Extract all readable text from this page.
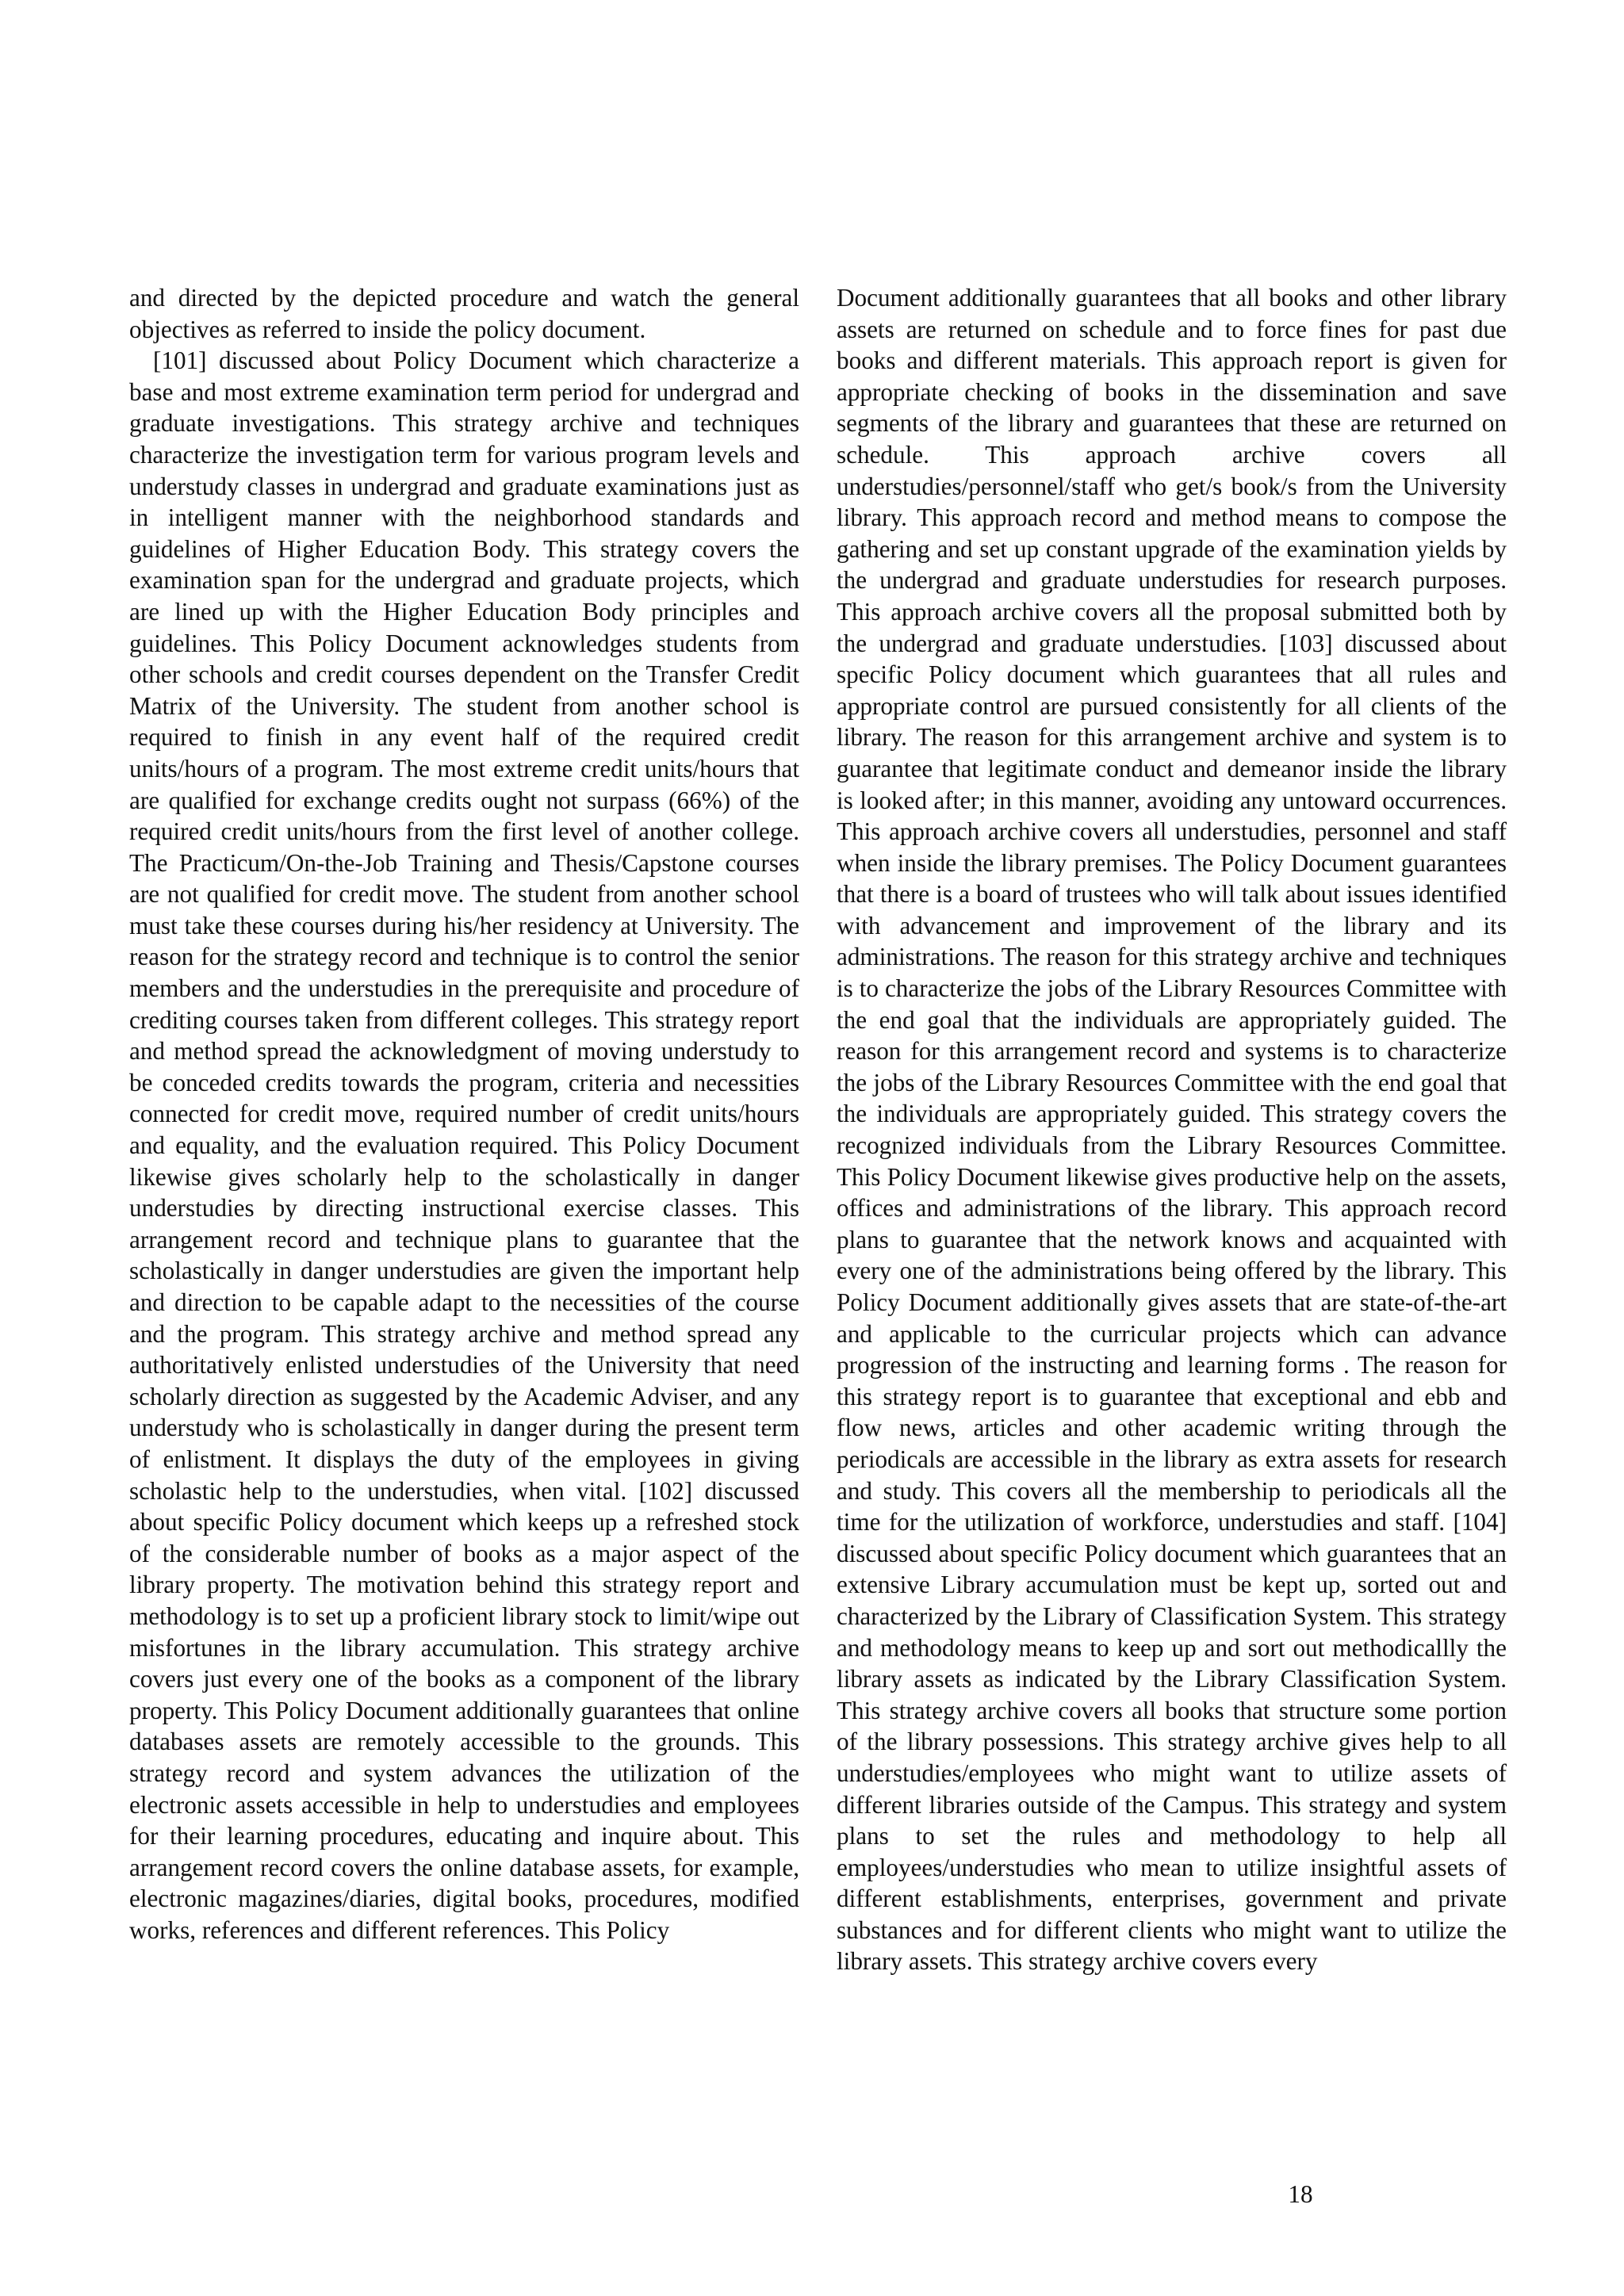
and directed by the depicted procedure and watch the general objectives as referred to inside the policy document.

[101] discussed about Policy Document which characterize a base and most extreme examination term period for undergrad and graduate investigations. This strategy archive and techniques characterize the investigation term for various program levels and understudy classes in undergrad and graduate examinations just as in intelligent manner with the neighborhood standards and guidelines of Higher Education Body. This strategy covers the examination span for the undergrad and graduate projects, which are lined up with the Higher Education Body principles and guidelines. This Policy Document acknowledges students from other schools and credit courses dependent on the Transfer Credit Matrix of the University. The student from another school is required to finish in any event half of the required credit units/hours of a program. The most extreme credit units/hours that are qualified for exchange credits ought not surpass (66%) of the required credit units/hours from the first level of another college. The Practicum/On-the-Job Training and Thesis/Capstone courses are not qualified for credit move. The student from another school must take these courses during his/her residency at University. The reason for the strategy record and technique is to control the senior members and the understudies in the prerequisite and procedure of crediting courses taken from different colleges. This strategy report and method spread the acknowledgment of moving understudy to be conceded credits towards the program, criteria and necessities connected for credit move, required number of credit units/hours and equality, and the evaluation required. This Policy Document likewise gives scholarly help to the scholastically in danger understudies by directing instructional exercise classes. This arrangement record and technique plans to guarantee that the scholastically in danger understudies are given the important help and direction to be capable adapt to the necessities of the course and the program. This strategy archive and method spread any authoritatively enlisted understudies of the University that need scholarly direction as suggested by the Academic Adviser, and any understudy who is scholastically in danger during the present term of enlistment. It displays the duty of the employees in giving scholastic help to the understudies, when vital. [102] discussed about specific Policy document which keeps up a refreshed stock of the considerable number of books as a major aspect of the library property. The motivation behind this strategy report and methodology is to set up a proficient library stock to limit/wipe out misfortunes in the library accumulation. This strategy archive covers just every one of the books as a component of the library property. This Policy Document additionally guarantees that online databases assets are remotely accessible to the grounds. This strategy record and system advances the utilization of the electronic assets accessible in help to understudies and employees for their learning procedures, educating and inquire about. This arrangement record covers the online database assets, for example, electronic magazines/diaries, digital books, procedures, modified works, references and different references. This Policy

Document additionally guarantees that all books and other library assets are returned on schedule and to force fines for past due books and different materials. This approach report is given for appropriate checking of books in the dissemination and save segments of the library and guarantees that these are returned on schedule. This approach archive covers all understudies/personnel/staff who get/s book/s from the University library. This approach record and method means to compose the gathering and set up constant upgrade of the examination yields by the undergrad and graduate understudies for research purposes. This approach archive covers all the proposal submitted both by the undergrad and graduate understudies. [103] discussed about specific Policy document which guarantees that all rules and appropriate control are pursued consistently for all clients of the library. The reason for this arrangement archive and system is to guarantee that legitimate conduct and demeanor inside the library is looked after; in this manner, avoiding any untoward occurrences. This approach archive covers all understudies, personnel and staff when inside the library premises. The Policy Document guarantees that there is a board of trustees who will talk about issues identified with advancement and improvement of the library and its administrations. The reason for this strategy archive and techniques is to characterize the jobs of the Library Resources Committee with the end goal that the individuals are appropriately guided. The reason for this arrangement record and systems is to characterize the jobs of the Library Resources Committee with the end goal that the individuals are appropriately guided. This strategy covers the recognized individuals from the Library Resources Committee. This Policy Document likewise gives productive help on the assets, offices and administrations of the library. This approach record plans to guarantee that the network knows and acquainted with every one of the administrations being offered by the library. This Policy Document additionally gives assets that are state-of-the-art and applicable to the curricular projects which can advance progression of the instructing and learning forms . The reason for this strategy report is to guarantee that exceptional and ebb and flow news, articles and other academic writing through the periodicals are accessible in the library as extra assets for research and study. This covers all the membership to periodicals all the time for the utilization of workforce, understudies and staff. [104] discussed about specific Policy document which guarantees that an extensive Library accumulation must be kept up, sorted out and characterized by the Library of Classification System. This strategy and methodology means to keep up and sort out methodicallly the library assets as indicated by the Library Classification System. This strategy archive covers all books that structure some portion of the library possessions. This strategy archive gives help to all understudies/employees who might want to utilize assets of different libraries outside of the Campus. This strategy and system plans to set the rules and methodology to help all employees/understudies who mean to utilize insightful assets of different establishments, enterprises, government and private substances and for different clients who might want to utilize the library assets. This strategy archive covers every

18
